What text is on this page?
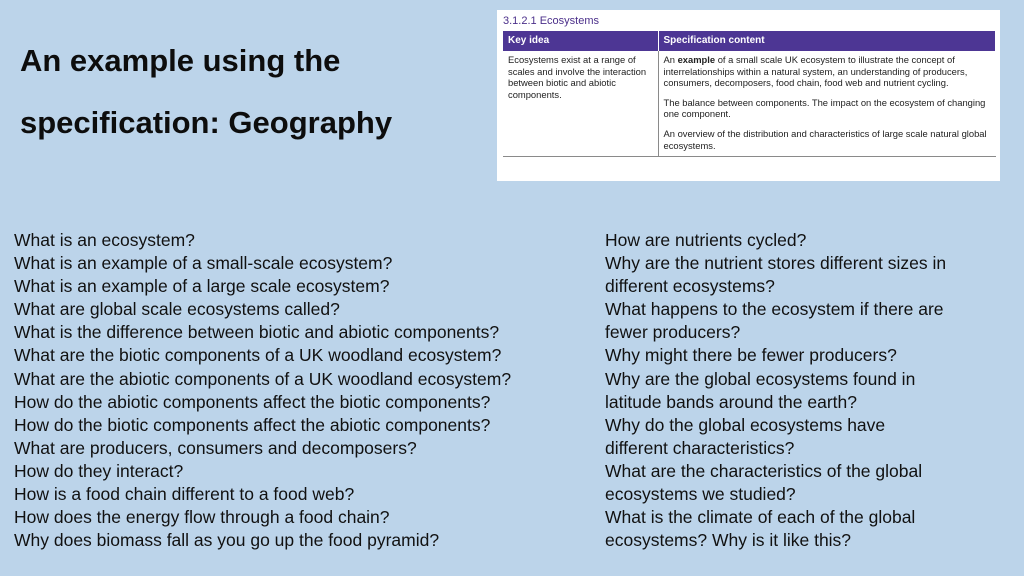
An example using the
specification: Geography
3.1.2.1 Ecosystems
Key idea	Specification content
Ecosystems exist at a range of scales and involve the interaction between biotic and abiotic components.	An example of a small scale UK ecosystem to illustrate the concept of interrelationships within a natural system, an understanding of producers, consumers, decomposers, food chain, food web and nutrient cycling.

The balance between components. The impact on the ecosystem of changing one component.

An overview of the distribution and characteristics of large scale natural global ecosystems.

What is an ecosystem?
What is an example of a small-scale ecosystem?
What is an example of a large scale ecosystem?
What are global scale ecosystems called?
What is the difference between biotic and abiotic components?
What are the biotic components of a UK woodland ecosystem?
What are the abiotic components of a UK woodland ecosystem?
How do the abiotic components affect the biotic components?
How do the biotic components affect the abiotic components?
What are producers, consumers and decomposers?
How do they interact?
How is a food chain different to a food web?
How does the energy flow through a food chain?
Why does biomass fall as you go up the food pyramid?
How are nutrients cycled?
Why are the nutrient stores different sizes in
different ecosystems?
What happens to the ecosystem if there are
fewer producers?
Why might there be fewer producers?
Why are the global ecosystems found in
latitude bands around the earth?
Why do the global ecosystems have
different characteristics?
What are the characteristics of the global
ecosystems we studied?
What is the climate of each of the global
ecosystems? Why is it like this?
